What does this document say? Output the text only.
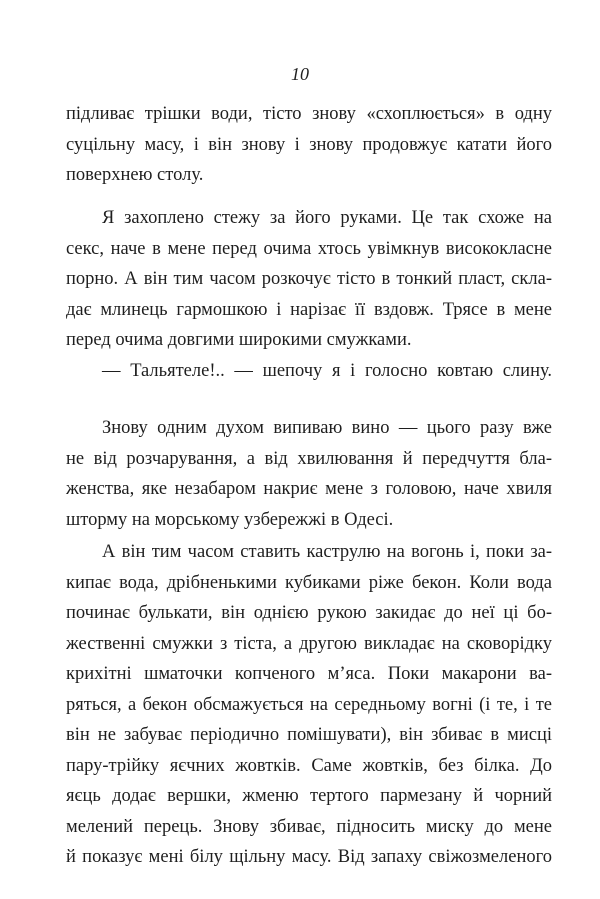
10
підливає трішки води, тісто знову «схоплюється» в одну
суцільну масу, і він знову і знову продовжує катати його
поверхнею столу.
Я захоплено стежу за його руками. Це так схоже на
секс, наче в мене перед очима хтось увімкнув висококласне
порно. А він тим часом розкочує тісто в тонкий пласт, скла-
дає млинець гармошкою і нарізає її вздовж. Трясе в мене
перед очима довгими широкими смужками.
— Тальятеле!.. — шепочу я і голосно ковтаю слину.
Знову одним духом випиваю вино — цього разу вже
не від розчарування, а від хвилювання й передчуття бла-
женства, яке незабаром накриє мене з головою, наче хвиля
шторму на морському узбережжі в Одесі.
А він тим часом ставить каструлю на вогонь і, поки за-
кипає вода, дрібненькими кубиками ріже бекон. Коли вода
починає булькати, він однією рукою закидає до неї ці бо-
жественні смужки з тіста, а другою викладає на сковорідку
крихітні шматочки копченого м’яса. Поки макарони ва-
ряться, а бекон обсмажується на середньому вогні (і те, і те
він не забуває періодично помішувати), він збиває в мисці
пару-трійку яєчних жовтків. Саме жовтків, без білка. До
яєць додає вершки, жменю тертого пармезану й чорний
мелений перець. Знову збиває, підносить миску до мене
й показує мені білу щільну масу. Від запаху свіжозмеленого
